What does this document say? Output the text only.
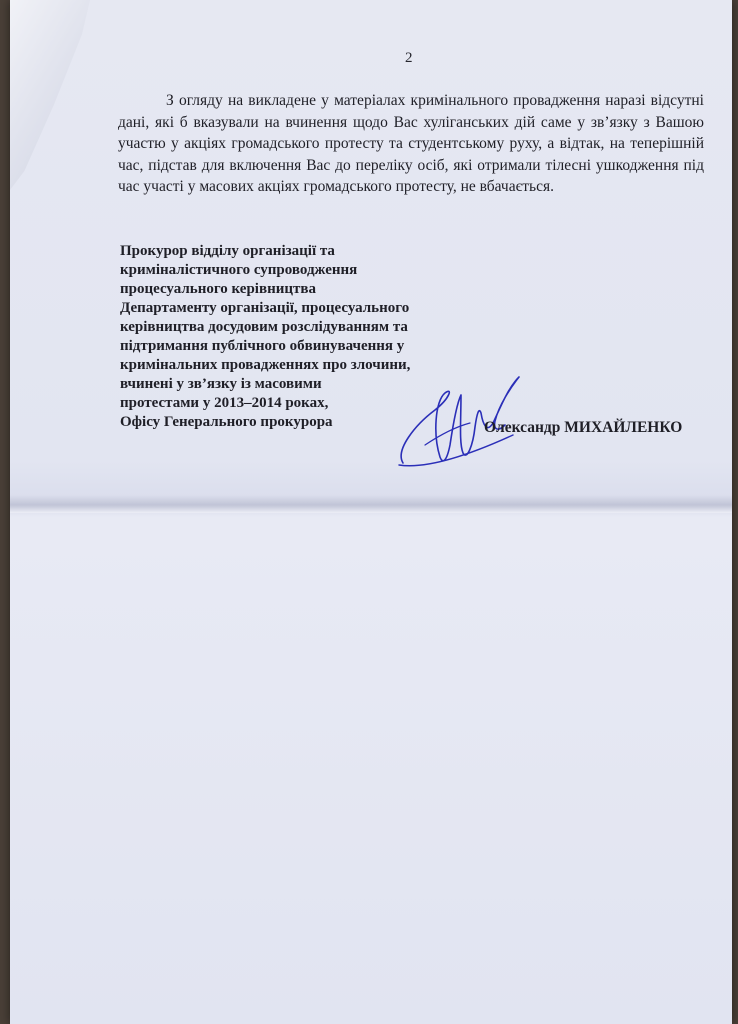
2

З огляду на викладене у матеріалах кримінального провадження наразі відсутні дані, які б вказували на вчинення щодо Вас хуліганських дій саме у зв’язку з Вашою участю у акціях громадського протесту та студентському руху, а відтак, на теперішній час, підстав для включення Вас до переліку осіб, які отримали тілесні ушкодження під час участі у масових акціях громадського протесту, не вбачається.

Прокурор відділу організації та
криміналістичного супроводження
процесуального керівництва
Департаменту організації, процесуального
керівництва досудовим розслідуванням та
підтримання публічного обвинувачення у
кримінальних провадженнях про злочини,
вчинені у зв’язку із масовими
протестами у 2013–2014 роках,
Офісу Генерального прокурора	Олександр МИХАЙЛЕНКО
